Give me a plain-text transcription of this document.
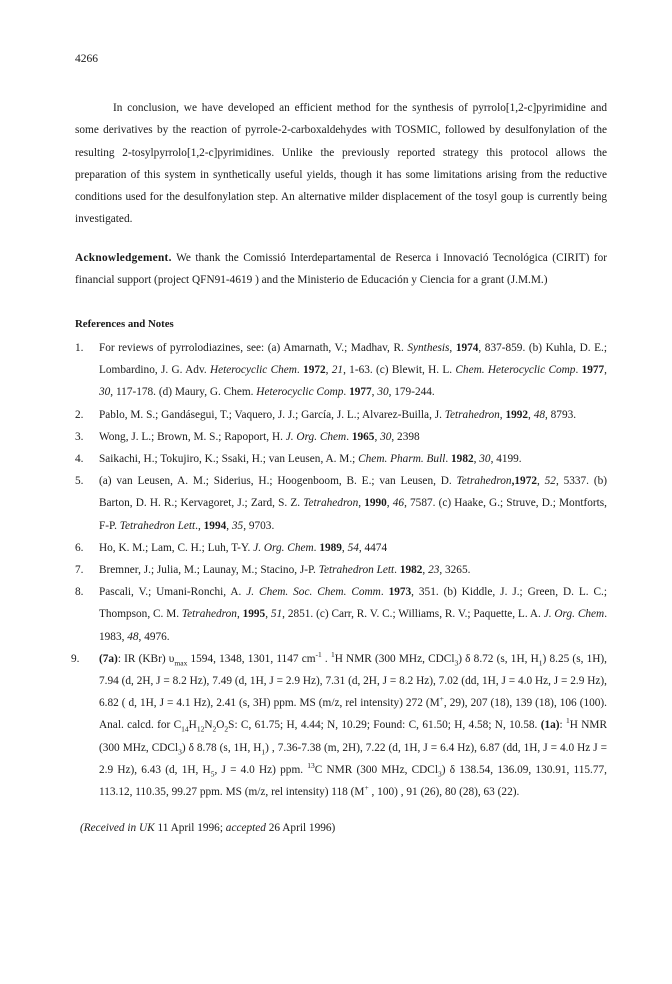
4266

In conclusion, we have developed an efficient method for the synthesis of pyrrolo[1,2-c]pyrimidine and some derivatives by the reaction of pyrrole-2-carboxaldehydes with TOSMIC, followed by desulfonylation of the resulting 2-tosylpyrrolo[1,2-c]pyrimidines. Unlike the previously reported strategy this protocol allows the preparation of this system in synthetically useful yields, though it has some limitations arising from the reductive conditions used for the desulfonylation step. An alternative milder displacement of the tosyl goup is currently being investigated.

Acknowledgement. We thank the Comissió Interdepartamental de Reserca i Innovació Tecnológica (CIRIT) for financial support (project QFN91-4619 ) and the Ministerio de Educación y Ciencia for a grant (J.M.M.)

References and Notes
1. For reviews of pyrrolodiazines, see: (a) Amarnath, V.; Madhav, R. Synthesis, 1974, 837-859. (b) Kuhla, D. E.; Lombardino, J. G. Adv. Heterocyclic Chem. 1972, 21, 1-63. (c) Blewit, H. L. Chem. Heterocyclic Comp. 1977, 30, 117-178. (d) Maury, G. Chem. Heterocyclic Comp. 1977, 30, 179-244.
2. Pablo, M. S.; Gandásegui, T.; Vaquero, J. J.; García, J. L.; Alvarez-Builla, J. Tetrahedron, 1992, 48, 8793.
3. Wong, J. L.; Brown, M. S.; Rapoport, H. J. Org. Chem. 1965, 30, 2398
4. Saikachi, H.; Tokujiro, K.; Ssaki, H.; van Leusen, A. M.; Chem. Pharm. Bull. 1982, 30, 4199.
5. (a) van Leusen, A. M.; Siderius, H.; Hoogenboom, B. E.; van Leusen, D. Tetrahedron,1972, 52, 5337. (b) Barton, D. H. R.; Kervagoret, J.; Zard, S. Z. Tetrahedron, 1990, 46, 7587. (c) Haake, G.; Struve, D.; Montforts, F-P. Tetrahedron Lett., 1994, 35, 9703.
6. Ho, K. M.; Lam, C. H.; Luh, T-Y. J. Org. Chem. 1989, 54, 4474
7. Bremner, J.; Julia, M.; Launay, M.; Stacino, J-P. Tetrahedron Lett. 1982, 23, 3265.
8. Pascali, V.; Umani-Ronchi, A. J. Chem. Soc. Chem. Comm. 1973, 351. (b) Kiddle, J. J.; Green, D. L. C.; Thompson, C. M. Tetrahedron, 1995, 51, 2851. (c) Carr, R. V. C.; Williams, R. V.; Paquette, L. A. J. Org. Chem. 1983, 48, 4976.
9. (7a): IR (KBr) $\upsilon_{max}$ 1594, 1348, 1301, 1147 $cm^{-1}$ . $^1$H NMR (300 MHz, CDCl$_3$) δ 8.72 (s, 1H, $H_1$) 8.25 (s, 1H), 7.94 (d, 2H, J = 8.2 Hz), 7.49 (d, 1H, J = 2.9 Hz), 7.31 (d, 2H, J = 8.2 Hz), 7.02 (dd, 1H, J = 4.0 Hz, J = 2.9 Hz), 6.82 ( d, 1H, J = 4.1 Hz), 2.41 (s, 3H) ppm. MS (m/z, rel intensity) 272 (M+, 29), 207 (18), 139 (18), 106 (100). Anal. calcd. for $C_{14}H_{12}N_2O_2S$: C, 61.75; H, 4.44; N, 10.29; Found: C, 61.50; H, 4.58; N, 10.58. (1a): $^1$H NMR (300 MHz, CDCl$_3$) δ 8.78 (s, 1H, $H_1$) , 7.36-7.38 (m, 2H), 7.22 (d, 1H, J = 6.4 Hz), 6.87 (dd, 1H, J = 4.0 Hz J = 2.9 Hz), 6.43 (d, 1H, $H_5$, J = 4.0 Hz) ppm. $^{13}$C NMR (300 MHz, CDCl$_3$) δ 138.54, 136.09, 130.91, 115.77, 113.12, 110.35, 99.27 ppm. MS (m/z, rel intensity) 118 (M+ , 100) , 91 (26), 80 (28), 63 (22).
(Received in UK 11 April 1996; accepted 26 April 1996)
